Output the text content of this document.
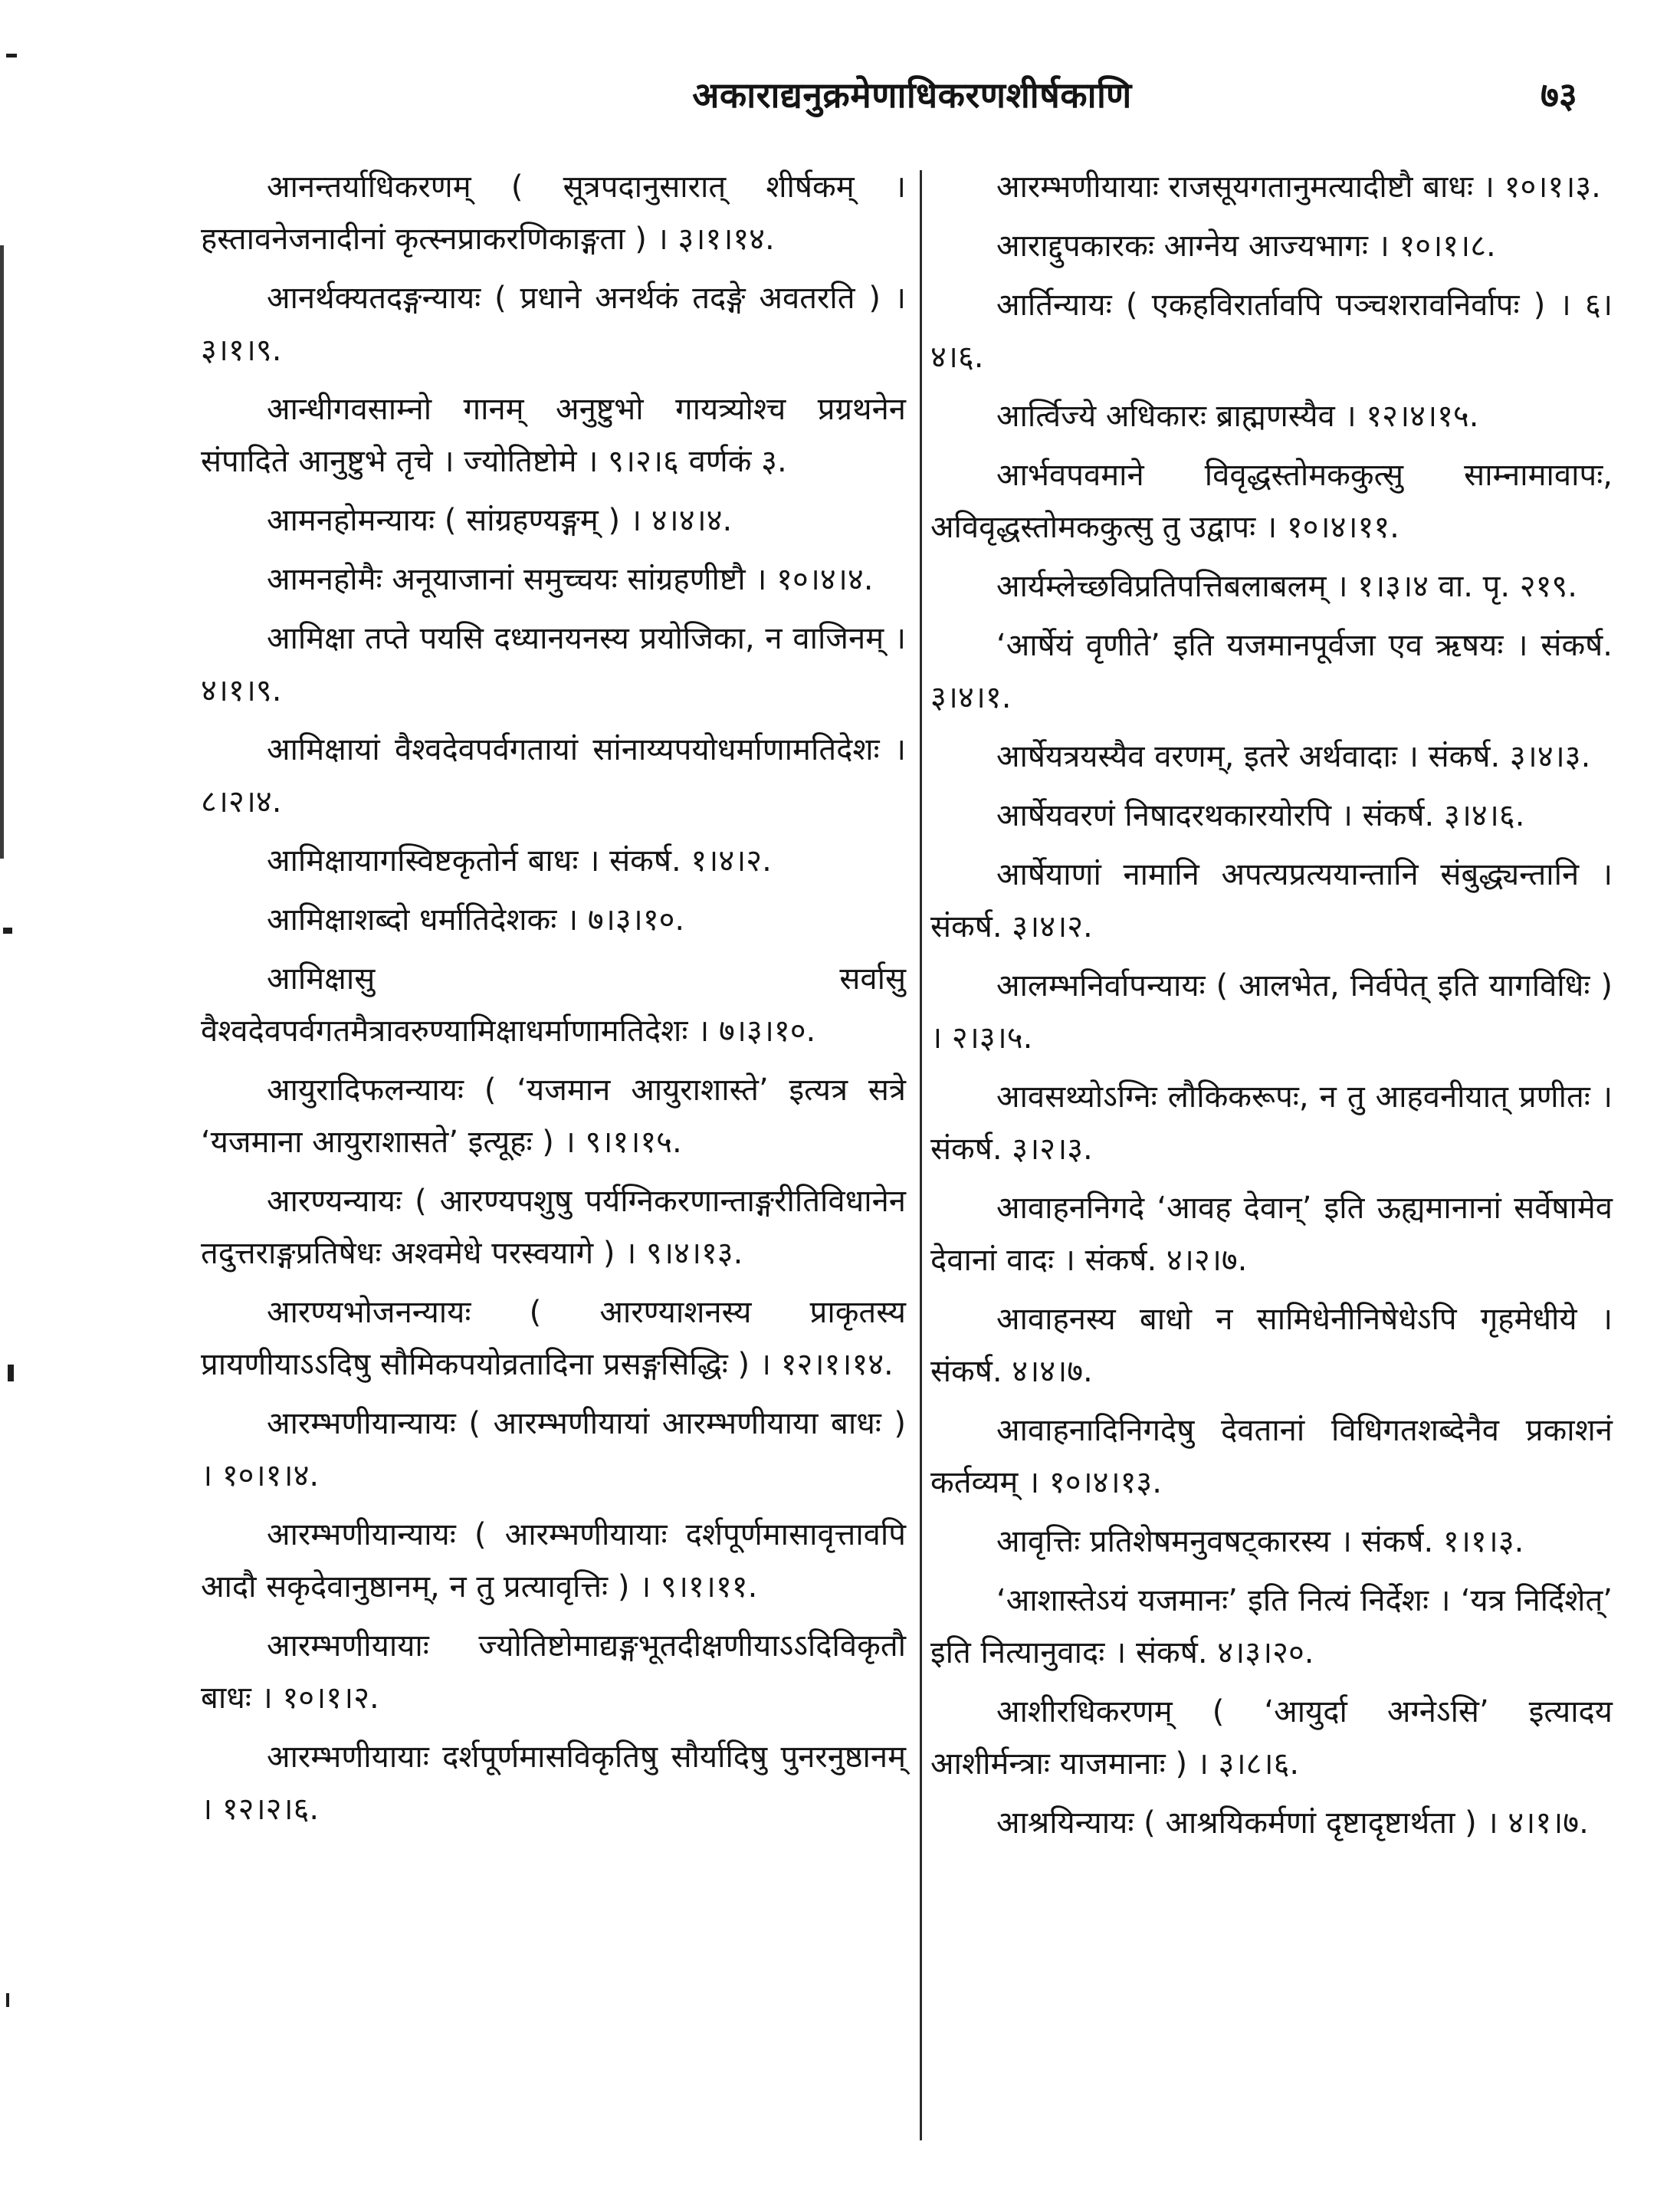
अकाराद्यनुक्रमेणाधिकरणशीर्षकाणि	७३

आनन्तर्याधिकरणम् ( सूत्रपदानुसारात् शीर्षकम् । हस्तावनेजनादीनां कृत्स्नप्राकरणिकाङ्गता ) । ३।१।१४.

आनर्थक्यतदङ्गन्यायः ( प्रधाने अनर्थकं तदङ्गे अवतरति ) । ३।१।९.

आन्धीगवसाम्नो गानम् अनुष्टुभो गायत्र्योश्च प्रग्रथनेन संपादिते आनुष्टुभे तृचे । ज्योतिष्टोमे । ९।२।६ वर्णकं ३.

आमनहोमन्यायः ( सांग्रहण्यङ्गम् ) । ४।४।४.

आमनहोमैः अनूयाजानां समुच्चयः सांग्रहणीष्टौ । १०।४।४.

आमिक्षा तप्ते पयसि दध्यानयनस्य प्रयोजिका, न वाजिनम् । ४।१।९.

आमिक्षायां वैश्वदेवपर्वगतायां सांनाय्यपयोधर्माणामतिदेशः । ८।२।४.

आमिक्षायागस्विष्टकृतोर्न बाधः । संकर्ष. १।४।२.

आमिक्षाशब्दो धर्मातिदेशकः । ७।३।१०.

आमिक्षासु सर्वासु वैश्वदेवपर्वगतमैत्रावरुण्यामिक्षाधर्माणामतिदेशः । ७।३।१०.

आयुरादिफलन्यायः ( ‘यजमान आयुराशास्ते’ इत्यत्र सत्रे ‘यजमाना आयुराशासते’ इत्यूहः ) । ९।१।१५.

आरण्यन्यायः ( आरण्यपशुषु पर्यग्निकरणान्ताङ्गरीतिविधानेन तदुत्तराङ्गप्रतिषेधः अश्वमेधे परस्वयागे ) । ९।४।१३.

आरण्यभोजनन्यायः ( आरण्याशनस्य प्राकृतस्य प्रायणीयाऽऽदिषु सौमिकपयोव्रतादिना प्रसङ्गसिद्धिः ) । १२।१।१४.

आरम्भणीयान्यायः ( आरम्भणीयायां आरम्भणीयाया बाधः ) । १०।१।४.

आरम्भणीयान्यायः ( आरम्भणीयायाः दर्शपूर्णमासावृत्तावपि आदौ सकृदेवानुष्ठानम्, न तु प्रत्यावृत्तिः ) । ९।१।११.

आरम्भणीयायाः ज्योतिष्टोमाद्यङ्गभूतदीक्षणीयाऽऽदिविकृतौ बाधः । १०।१।२.

आरम्भणीयायाः दर्शपूर्णमासविकृतिषु सौर्यादिषु पुनरनुष्ठानम् । १२।२।६.

आरम्भणीयायाः राजसूयगतानुमत्यादीष्टौ बाधः । १०।१।३.

आराद्दुपकारकः आग्नेय आज्यभागः । १०।१।८.

आर्तिन्यायः ( एकहविरार्तावपि पञ्चशरावनिर्वापः ) । ६।४।६.

आर्त्विज्ये अधिकारः ब्राह्मणस्यैव । १२।४।१५.

आर्भवपवमाने विवृद्धस्तोमककुत्सु साम्नामावापः, अविवृद्धस्तोमककुत्सु तु उद्वापः । १०।४।११.

आर्यम्लेच्छविप्रतिपत्तिबलाबलम् । १।३।४ वा. पृ. २१९.

‘आर्षेयं वृणीते’ इति यजमानपूर्वजा एव ऋषयः । संकर्ष. ३।४।१.

आर्षेयत्रयस्यैव वरणम्, इतरे अर्थवादाः । संकर्ष. ३।४।३.

आर्षेयवरणं निषादरथकारयोरपि । संकर्ष. ३।४।६.

आर्षेयाणां नामानि अपत्यप्रत्ययान्तानि संबुद्ध्यन्तानि । संकर्ष. ३।४।२.

आलम्भनिर्वापन्यायः ( आलभेत, निर्वपेत् इति यागविधिः ) । २।३।५.

आवसथ्योऽग्निः लौकिकरूपः, न तु आहवनीयात् प्रणीतः । संकर्ष. ३।२।३.

आवाहननिगदे ‘आवह देवान्’ इति ऊह्यमानानां सर्वेषामेव देवानां वादः । संकर्ष. ४।२।७.

आवाहनस्य बाधो न सामिधेनीनिषेधेऽपि गृहमेधीये । संकर्ष. ४।४।७.

आवाहनादिनिगदेषु देवतानां विधिगतशब्देनैव प्रकाशनं कर्तव्यम् । १०।४।१३.

आवृत्तिः प्रतिशेषमनुवषट्कारस्य । संकर्ष. १।१।३.

‘आशास्तेऽयं यजमानः’ इति नित्यं निर्देशः । ‘यत्र निर्दिशेत्’ इति नित्यानुवादः । संकर्ष. ४।३।२०.

आशीरधिकरणम् ( ‘आयुर्दा अग्नेऽसि’ इत्यादय आशीर्मन्त्राः याजमानाः ) । ३।८।६.

आश्रयिन्यायः ( आश्रयिकर्मणां दृष्टादृष्टार्थता ) । ४।१।७.
